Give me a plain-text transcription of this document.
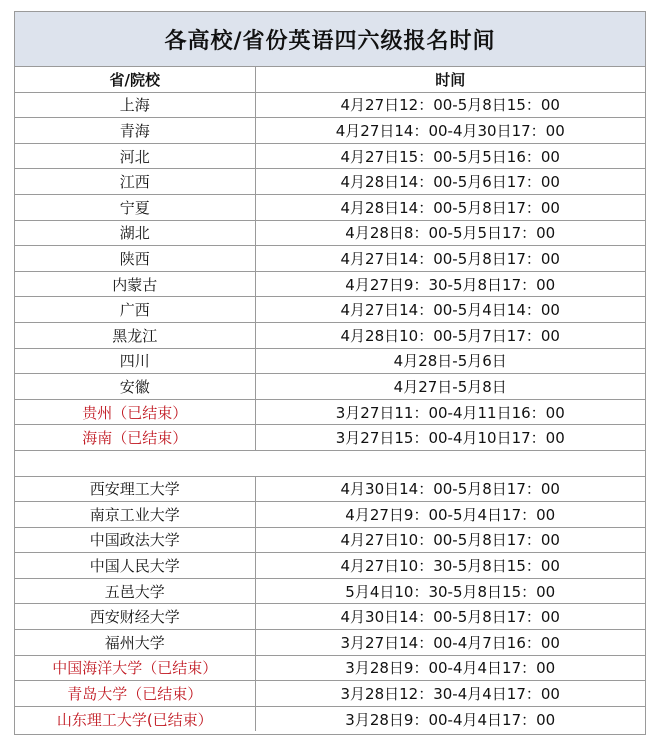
各高校/省份英语四六级报名时间
省/院校	时间
上海	4月27日12：00-5月8日15：00
青海	4月27日14：00-4月30日17：00
河北	4月27日15：00-5月5日16：00
江西	4月28日14：00-5月6日17：00
宁夏	4月28日14：00-5月8日17：00
湖北	4月28日8：00-5月5日17：00
陕西	4月27日14：00-5月8日17：00
内蒙古	4月27日9：30-5月8日17：00
广西	4月27日14：00-5月4日14：00
黑龙江	4月28日10：00-5月7日17：00
四川	4月28日-5月6日
安徽	4月27日-5月8日
贵州（已结束）	3月27日11：00-4月11日16：00
海南（已结束）	3月27日15：00-4月10日17：00

西安理工大学	4月30日14：00-5月8日17：00
南京工业大学	4月27日9：00-5月4日17：00
中国政法大学	4月27日10：00-5月8日17：00
中国人民大学	4月27日10：30-5月8日15：00
五邑大学	5月4日10：30-5月8日15：00
西安财经大学	4月30日14：00-5月8日17：00
福州大学	3月27日14：00-4月7日16：00
中国海洋大学（已结束）	3月28日9：00-4月4日17：00
青岛大学（已结束）	3月28日12：30-4月4日17：00
山东理工大学(已结束）	3月28日9：00-4月4日17：00
